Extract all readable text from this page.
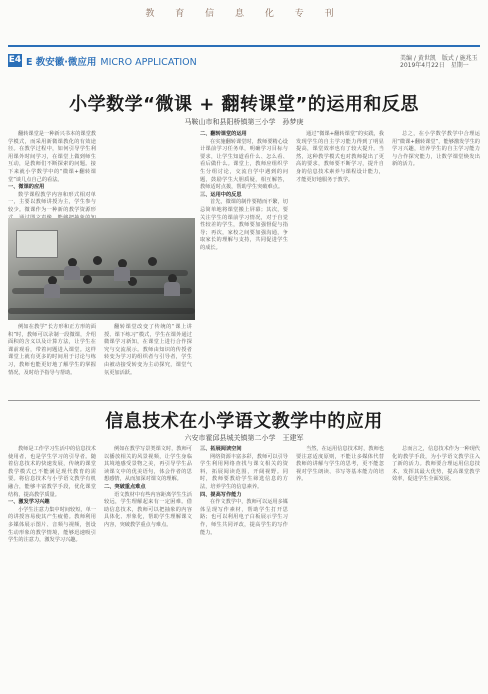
教 育 信 息 化 专 刊
E4 E 教安徽·微应用 MICRO APPLICATION	美编 / 黄世凯　版式 / 施兆玉
2019年4月22日　星期一
小学数学“微课 + 翻转课堂”的运用和反思
马鞍山市和县阳桥镇第三小学　孙梦庚

翻转课堂是一种新兴书本的课堂教学模式，而采用新微课教化的有效途径。在教学过程中，如何引导学生利用课外时间学习，在课堂上做到师生互动，是教师们不断探索的问题。接下来就小学数学中的“微课+翻转课堂”谈几点自己的看法。

一、微课的应用

数学课程教学内容和形式相对单一，主要以教师讲授为主，学生参与较少。微课作为一种新的教学资源形

例如在教学“长方形和正方形的面积”时，教师可以录制一段微课，介绍面积的含义以及计算方法，让学生在课前观看，带着问题进入课堂。这样课堂上就有更多的时间用于讨论与练习，教师也能更好地了解学生的掌握情况，及时给予指导与帮助。

翻转课堂改变了传统的“课上讲授、课下练习”模式，学生在课外通过微课学习新知，在课堂上进行合作探究与交流展示。教师由知识的传授者转变为学习的组织者与引导者，学生由被动接受转变为主动探究，课堂气氛更加活跃。

二、翻转课堂的运用

在实施翻转课堂时，教师要精心设计课前学习任务单，明确学习目标与要求，让学生知道看什么、怎么看、看后做什么。课堂上，教师应组织学生分组讨论，交流自学中遇到的问题，鼓励学生大胆质疑，相互解答，教师适时点拨，帮助学生突破难点。

三、运用中的反思

首先，微课的制作要精而不繁，切忌简单地将课堂搬上屏幕；其次，要关注学生的课前学习情况，对于自觉性较差的学生，教师要加强督促与指导；再次，家校之间要加强沟通，争取家长的理解与支持，共同促进学生的成长。

通过“微课+翻转课堂”的实践，我发现学生的自主学习能力得到了明显提高，课堂效率也有了较大提升。当然，这种教学模式也对教师提出了更高的要求，教师要不断学习，提升自身的信息技术素养与课程设计能力，才能更好地服务于教学。

总之，在小学数学教学中合理运用“微课+翻转课堂”，能够激发学生的学习兴趣，培养学生的自主学习能力与合作探究能力，让数学课堂焕发出新的活力。

信息技术在小学语文教学中的应用
六安市霍邱县城关镇第二小学　王建军

教师是工作学习生活中的信息技术使用者，也是学生学习的引导者。随着信息技术的快速发展，传统的课堂教学模式已不能满足现代教育的需要。将信息技术与小学语文教学有机融合，能够丰富教学手段，优化课堂结构，提高教学质量。

一、激发学习兴趣

小学生注意力集中时间较短，单一的讲授容易使其产生疲倦。教师利用多媒体展示图片、音频与视频，创设生动形象的教学情境，能够迅速吸引学生的注意力，激发学习兴趣。

例如在教学写景类课文时，教师可以播放相关的风景视频，让学生身临其境地感受景物之美，再引导学生品读课文中的优美语句，体会作者的思想感情，从而加深对课文的理解。

二、突破重点难点

语文教材中有些内容距离学生生活较远，学生理解起来有一定困难。借助信息技术，教师可以把抽象的内容具体化、形象化，帮助学生理解课文内容，突破教学重点与难点。

三、拓展阅读空间

网络资源丰富多彩，教师可以引导学生利用网络查找与课文相关的资料，拓展阅读范围，开阔视野。同时，教师要教给学生筛选信息的方法，培养学生的信息素养。

四、提高写作能力

在作文教学中，教师可以运用多媒体呈现写作素材，帮助学生打开思路；也可以利用电子白板展示学生习作，师生共同评改，提高学生的写作能力。

当然，在运用信息技术时，教师也要注意适度原则，不能让多媒体代替教师的讲解与学生的思考，更不能忽视对学生朗读、书写等基本能力的培养。

总而言之，信息技术作为一种现代化的教学手段，为小学语文教学注入了新的活力。教师要合理运用信息技术，发挥其最大优势，提高课堂教学效率，促进学生全面发展。
